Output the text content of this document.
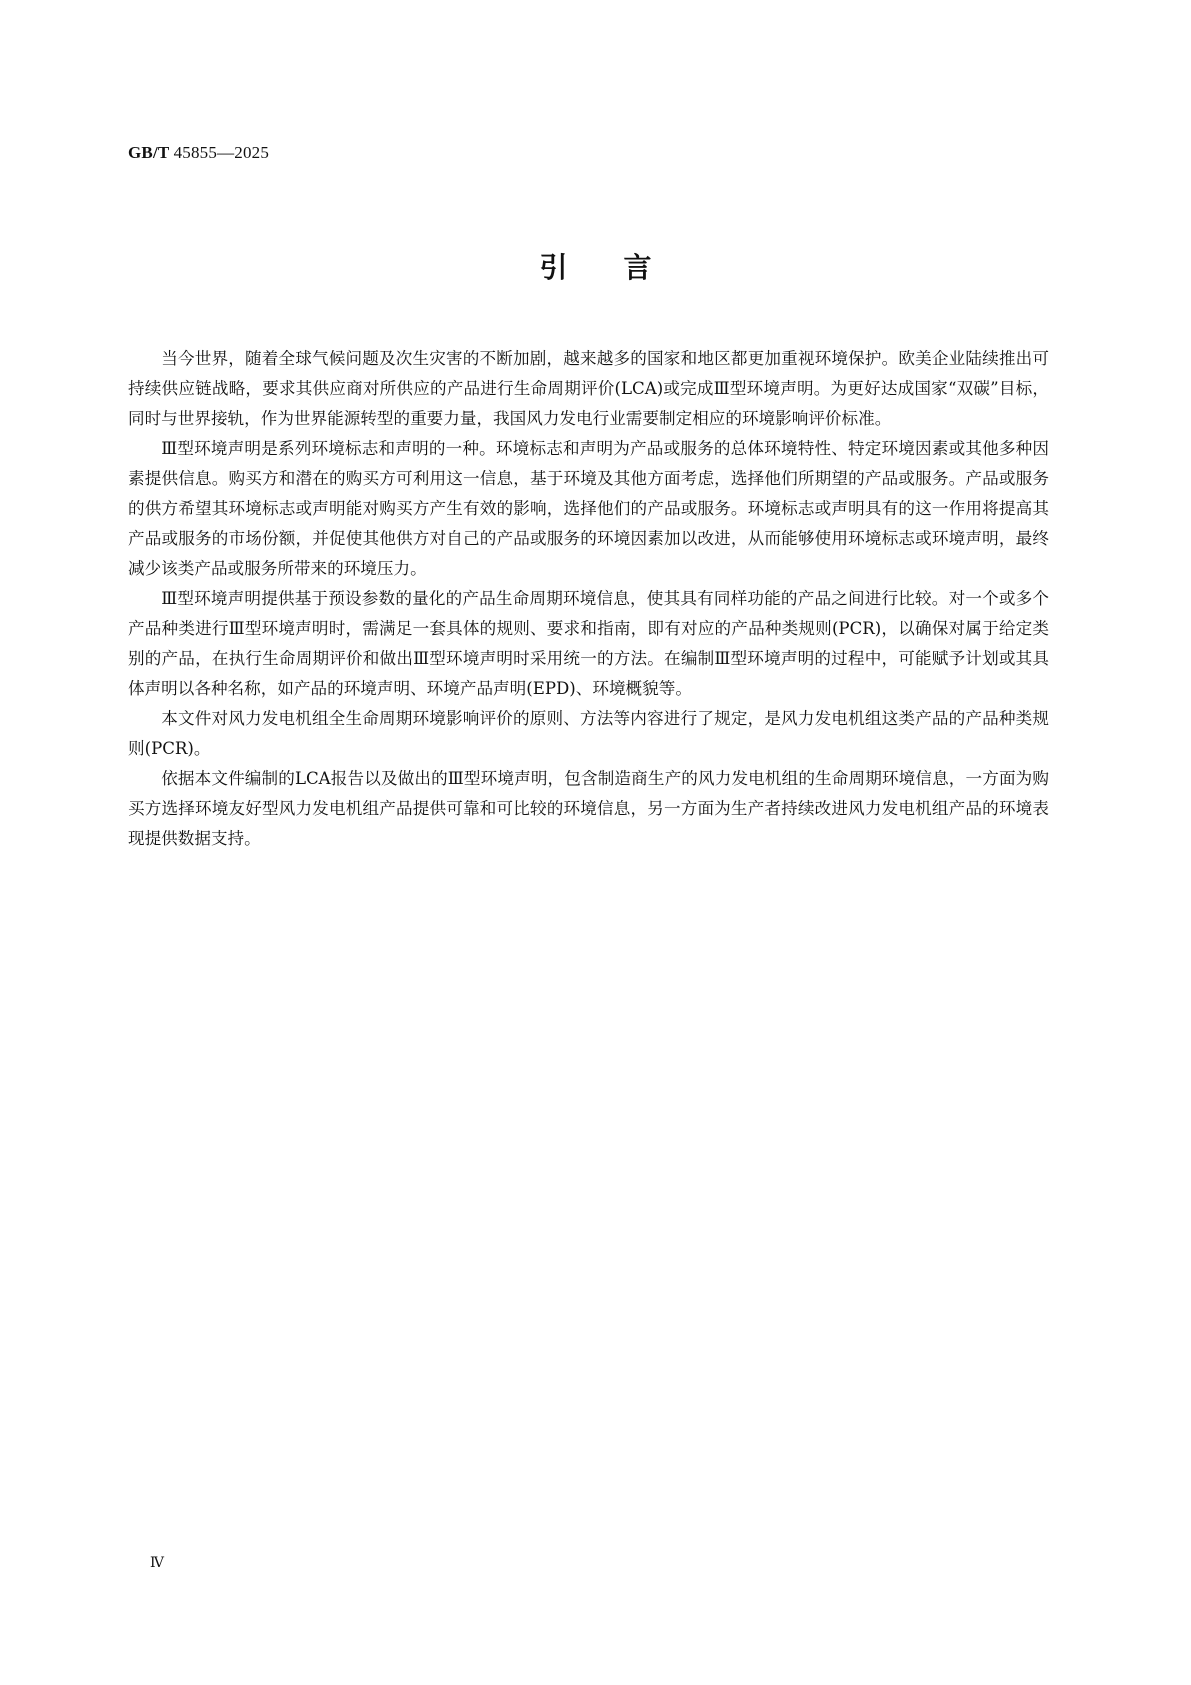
GB/T 45855—2025
引言

当今世界，随着全球气候问题及次生灾害的不断加剧，越来越多的国家和地区都更加重视环境保护。欧美企业陆续推出可持续供应链战略，要求其供应商对所供应的产品进行生命周期评价(LCA)或完成Ⅲ型环境声明。为更好达成国家“双碳”目标，同时与世界接轨，作为世界能源转型的重要力量，我国风力发电行业需要制定相应的环境影响评价标准。

Ⅲ型环境声明是系列环境标志和声明的一种。环境标志和声明为产品或服务的总体环境特性、特定环境因素或其他多种因素提供信息。购买方和潜在的购买方可利用这一信息，基于环境及其他方面考虑，选择他们所期望的产品或服务。产品或服务的供方希望其环境标志或声明能对购买方产生有效的影响，选择他们的产品或服务。环境标志或声明具有的这一作用将提高其产品或服务的市场份额，并促使其他供方对自己的产品或服务的环境因素加以改进，从而能够使用环境标志或环境声明，最终减少该类产品或服务所带来的环境压力。

Ⅲ型环境声明提供基于预设参数的量化的产品生命周期环境信息，使其具有同样功能的产品之间进行比较。对一个或多个产品种类进行Ⅲ型环境声明时，需满足一套具体的规则、要求和指南，即有对应的产品种类规则(PCR)，以确保对属于给定类别的产品，在执行生命周期评价和做出Ⅲ型环境声明时采用统一的方法。在编制Ⅲ型环境声明的过程中，可能赋予计划或其具体声明以各种名称，如产品的环境声明、环境产品声明(EPD)、环境概貌等。

本文件对风力发电机组全生命周期环境影响评价的原则、方法等内容进行了规定，是风力发电机组这类产品的产品种类规则(PCR)。

依据本文件编制的LCA报告以及做出的Ⅲ型环境声明，包含制造商生产的风力发电机组的生命周期环境信息，一方面为购买方选择环境友好型风力发电机组产品提供可靠和可比较的环境信息，另一方面为生产者持续改进风力发电机组产品的环境表现提供数据支持。

Ⅳ
